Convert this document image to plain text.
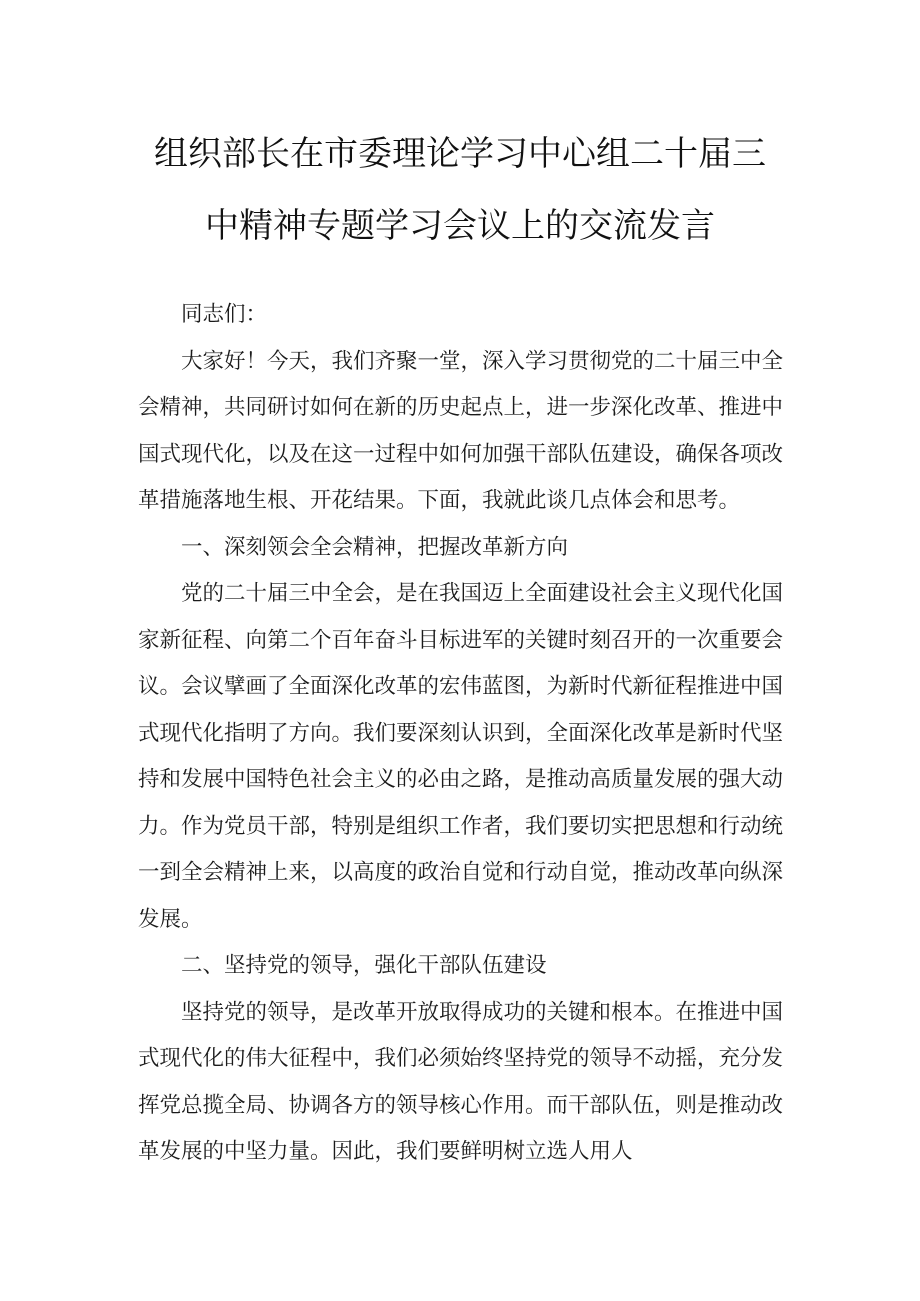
组织部长在市委理论学习中心组二十届三
中精神专题学习会议上的交流发言

同志们：

大家好！今天，我们齐聚一堂，深入学习贯彻党的二十届三中全会精神，共同研讨如何在新的历史起点上，进一步深化改革、推进中国式现代化，以及在这一过程中如何加强干部队伍建设，确保各项改革措施落地生根、开花结果。下面，我就此谈几点体会和思考。

一、深刻领会全会精神，把握改革新方向

党的二十届三中全会，是在我国迈上全面建设社会主义现代化国家新征程、向第二个百年奋斗目标进军的关键时刻召开的一次重要会议。会议擘画了全面深化改革的宏伟蓝图，为新时代新征程推进中国式现代化指明了方向。我们要深刻认识到，全面深化改革是新时代坚持和发展中国特色社会主义的必由之路，是推动高质量发展的强大动力。作为党员干部，特别是组织工作者，我们要切实把思想和行动统一到全会精神上来，以高度的政治自觉和行动自觉，推动改革向纵深发展。

二、坚持党的领导，强化干部队伍建设

坚持党的领导，是改革开放取得成功的关键和根本。在推进中国式现代化的伟大征程中，我们必须始终坚持党的领导不动摇，充分发挥党总揽全局、协调各方的领导核心作用。而干部队伍，则是推动改革发展的中坚力量。因此，我们要鲜明树立选人用人
